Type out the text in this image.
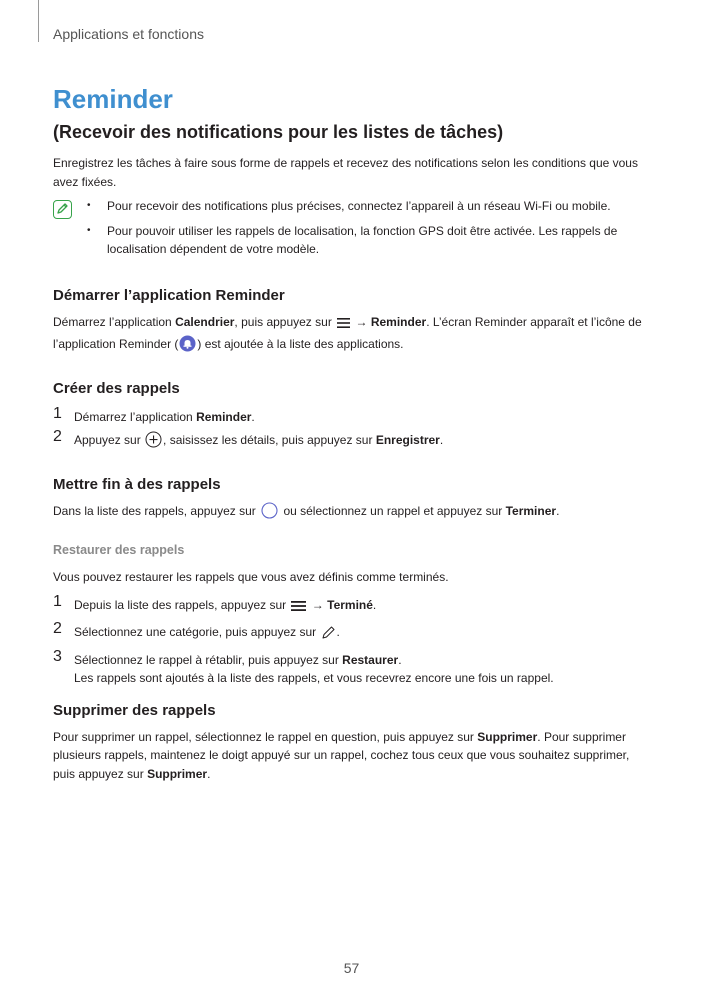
Applications et fonctions
Reminder
(Recevoir des notifications pour les listes de tâches)

Enregistrez les tâches à faire sous forme de rappels et recevez des notifications selon les conditions que vous avez fixées.

• Pour recevoir des notifications plus précises, connectez l’appareil à un réseau Wi-Fi ou mobile.
• Pour pouvoir utiliser les rappels de localisation, la fonction GPS doit être activée. Les rappels de localisation dépendent de votre modèle.
Démarrer l’application Reminder

Démarrez l’application Calendrier, puis appuyez sur  → Reminder. L’écran Reminder apparaît et l’icône de l’application Reminder ( ) est ajoutée à la liste des applications.

Créer des rappels
1 Démarrez l’application Reminder.
2 Appuyez sur , saisissez les détails, puis appuyez sur Enregistrer.
Mettre fin à des rappels

Dans la liste des rappels, appuyez sur  ou sélectionnez un rappel et appuyez sur Terminer.

Restaurer des rappels

Vous pouvez restaurer les rappels que vous avez définis comme terminés.

1 Depuis la liste des rappels, appuyez sur  → Terminé.
2 Sélectionnez une catégorie, puis appuyez sur .
3 Sélectionnez le rappel à rétablir, puis appuyez sur Restaurer.
Les rappels sont ajoutés à la liste des rappels, et vous recevrez encore une fois un rappel.
Supprimer des rappels

Pour supprimer un rappel, sélectionnez le rappel en question, puis appuyez sur Supprimer. Pour supprimer plusieurs rappels, maintenez le doigt appuyé sur un rappel, cochez tous ceux que vous souhaitez supprimer, puis appuyez sur Supprimer.

57
